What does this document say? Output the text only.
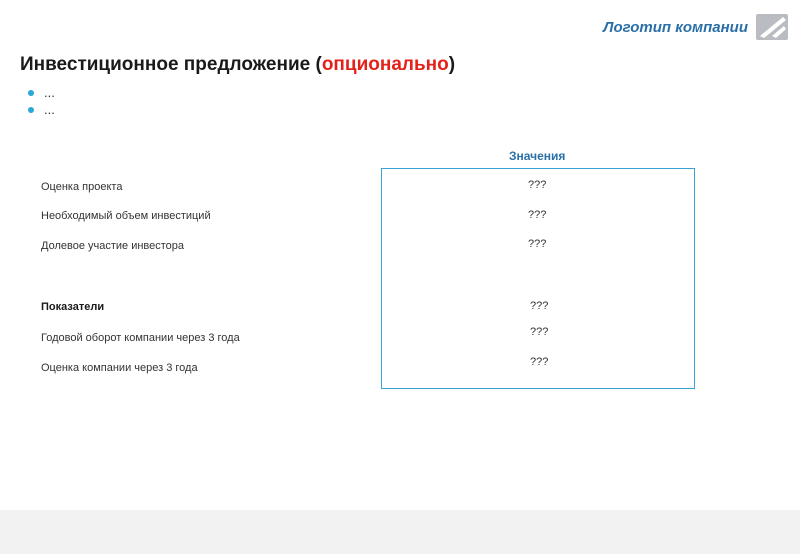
Логотип компании
Инвестиционное предложение (опционально)
...
...
Значения
Оценка проекта	???
Необходимый объем инвестиций	???
Долевое участие инвестора	???
Показатели	???
Годовой оборот компании через 3 года	???
Оценка компании через 3 года	???
